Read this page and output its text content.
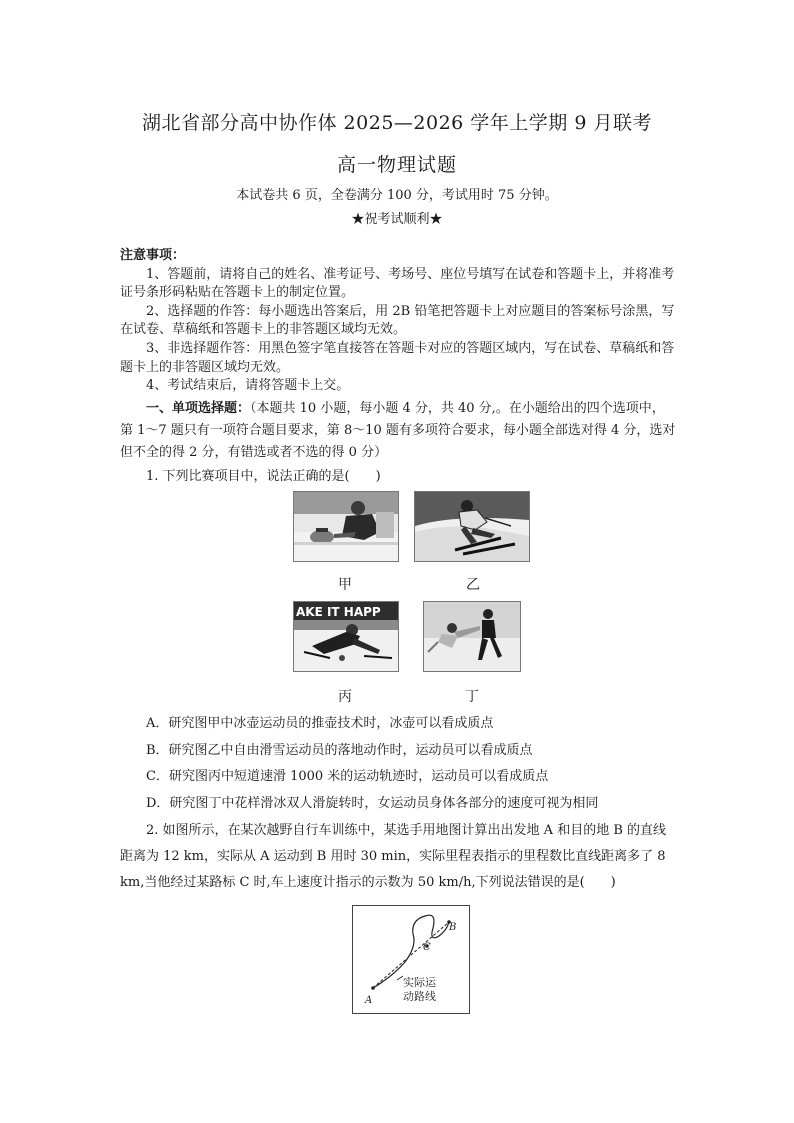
湖北省部分高中协作体 2025—2026 学年上学期 9 月联考
高一物理试题
本试卷共 6 页，全卷满分 100 分，考试用时 75 分钟。
★祝考试顺利★
注意事项：

1、答题前，请将自己的姓名、准考证号、考场号、座位号填写在试卷和答题卡上，并将准考证号条形码粘贴在答题卡上的制定位置。

2、选择题的作答：每小题选出答案后，用 2B 铅笔把答题卡上对应题目的答案标号涂黑，写在试卷、草稿纸和答题卡上的非答题区域均无效。

3、非选择题作答：用黑色签字笔直接答在答题卡对应的答题区域内，写在试卷、草稿纸和答题卡上的非答题区域均无效。

4、考试结束后，请将答题卡上交。

一、单项选择题：（本题共 10 小题，每小题 4 分，共 40 分,。在小题给出的四个选项中，第 1～7 题只有一项符合题目要求，第 8～10 题有多项符合要求，每小题全部选对得 4 分，选对但不全的得 2 分，有错选或者不选的得 0 分）

1. 下列比赛项目中，说法正确的是(　　)
甲	乙
AKE IT HAPP
丙	丁
A．研究图甲中冰壶运动员的推壶技术时，冰壶可以看成质点
B．研究图乙中自由滑雪运动员的落地动作时，运动员可以看成质点
C．研究图丙中短道速滑 1000 米的运动轨迹时，运动员可以看成质点
D．研究图丁中花样滑冰双人滑旋转时，女运动员身体各部分的速度可视为相同

2. 如图所示，在某次越野自行车训练中，某选手用地图计算出出发地 A 和目的地 B 的直线距离为 12 km，实际从 A 运动到 B 用时 30 min，实际里程表指示的里程数比直线距离多了 8 km,当他经过某路标 C 时,车上速度计指示的示数为 50 km/h,下列说法错误的是(　　)

A
B
C
实际运
动路线
